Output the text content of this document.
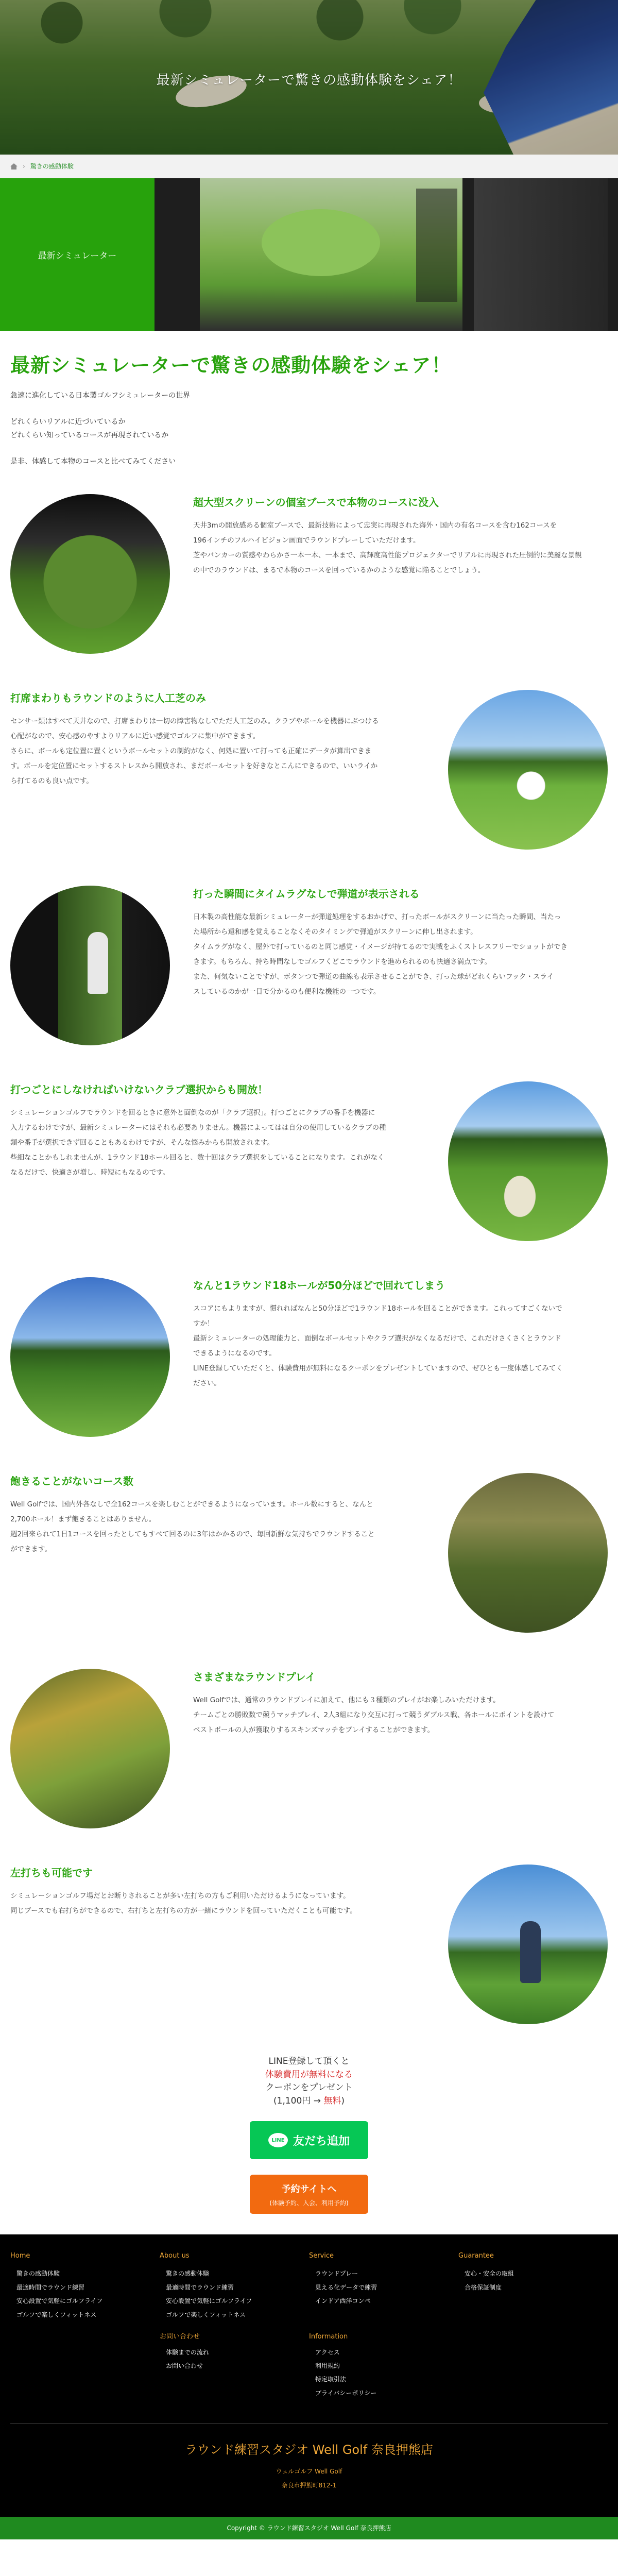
最新シミュレーターで驚きの感動体験をシェア！
› 驚きの感動体験
最新シミュレーター
最新シミュレーターで驚きの感動体験をシェア！

急速に進化している日本製ゴルフシミュレーターの世界

どれくらいリアルに近づいているか

どれくらい知っているコースが再現されているか

是非、体感して本物のコースと比べてみてください

超大型スクリーンの個室ブースで本物のコースに没入

天井3mの開放感ある個室ブースで、最新技術によって忠実に再現された海外・国内の有名コースを含む162コースを

196インチのフルハイビジョン画面でラウンドプレーしていただけます。

芝やバンカーの質感やわらかさ一本一本、一本まで、高輝度高性能プロジェクターでリアルに再現された圧倒的に美麗な景観

の中でのラウンドは、まるで本物のコースを回っているかのような感覚に陥ることでしょう。

打席まわりもラウンドのように人工芝のみ

センサー類はすべて天井なので、打席まわりは一切の障害物なしでただ人工芝のみ。クラブやボールを機器にぶつける

心配がなので、安心感のやすよりリアルに近い感覚でゴルフに集中ができます。

さらに、ボールも定位置に置くというボールセットの制約がなく、何処に置いて打っても正確にデータが算出できま

す。ボールを定位置にセットするストレスから開放され、まだボールセットを好きなとこんにできるので、いいライか

ら打てるのも良い点です。

打った瞬間にタイムラグなしで弾道が表示される

日本製の高性能な最新シミュレーターが弾道処理をするおかげで、打ったボールがスクリーンに当たった瞬間、当たっ

た場所から遠和感を覚えることなくそのタイミングで弾道がスクリーンに伸し出されます。

タイムラグがなく、屋外で打っているのと同じ感覚・イメージが持てるので実戦をふくストレスフリーでショットができ

きます。もちろん、持ち時間なしでゴルフくどこでラウンドを進められるのも快適さ満点です。

また、何気ないことですが、ボタンつで弾道の曲線も表示させることができ、打った球がどれくらいフック・スライ

スしているのかが一目で分かるのも便利な機能の一つです。

打つごとにしなければいけないクラブ選択からも開放！

シミュレーションゴルフでラウンドを回るときに意外と面倒なのが「クラブ選択」。打つごとにクラブの番手を機器に

入力するわけですが、最新シミュレーターにはそれも必要ありません。機器によってはは自分の使用しているクラブの種

類や番手が選択できず回ることもあるわけですが、そんな悩みからも開放されます。

些細なことかもしれませんが、1ラウンド18ホール回ると、数十回はクラブ選択をしていることになります。これがなく

なるだけで、快適さが増し、時短にもなるのです。

なんと1ラウンド18ホールが50分ほどで回れてしまう

スコアにもよりますが、慣れればなんと50分ほどで1ラウンド18ホールを回ることができます。これってすごくないで

すか！

最新シミュレーターの処理能力と、面倒なボールセットやクラブ選択がなくなるだけで、これだけさくさくとラウンド

できるようになるのです。

LINE登録していただくと、体験費用が無料になるクーポンをプレゼントしていますので、ぜひとも一度体感してみてく

ださい。

飽きることがないコース数

Well Golfでは、国内外各なしで全162コースを楽しむことができるようになっています。ホール数にすると、なんと

2,700ホール！まず飽きることはありません。

週2回来られて1日1コースを回ったとしてもすべて回るのに3年はかかるので、毎回新鮮な気持ちでラウンドすること

ができます。

さまざまなラウンドプレイ

Well Golfでは、通常のラウンドプレイに加えて、他にも３種類のプレイがお楽しみいただけます。

チームごとの勝敗数で競うマッチプレイ、2人3組になり交互に打って競うダブルス戦、各ホールにポイントを設けて

ベストボールの人が獲取りするスキンズマッチをプレイすることができます。

左打ちも可能です

シミュレーションゴルフ場だとお断りされることが多い左打ちの方もご利用いただけるようになっています。

同じブースでも右打ちができるので、右打ちと左打ちの方が一緒にラウンドを回っていただくことも可能です。

LINE登録して頂くと
体験費用が無料になる
クーポンをプレゼント
(1,100円 → 無料)
LINE 友だち追加
予約サイトへ
(体験予約、入会、利用予約)
Home
驚きの感動体験
最適時間でラウンド練習
安心設置で気軽にゴルフライフ
ゴルフで楽しくフィットネス
About us
驚きの感動体験
最適時間でラウンド練習
安心設置で気軽にゴルフライフ
ゴルフで楽しくフィットネス
お問い合わせ
体験までの流れ
お問い合わせ
Service
ラウンドプレー
見える化データで練習
インドア西洋コンペ
Information
アクセス
利用規約
特定取引法
プライバシーポリシー
Guarantee
安心・安全の取組
合格保証制度
ラウンド練習スタジオ Well Golf 奈良押熊店
ウェルゴルフ Well Golf
奈良市押熊町812-1
Copyright © ラウンド練習スタジオ Well Golf 奈良押熊店
